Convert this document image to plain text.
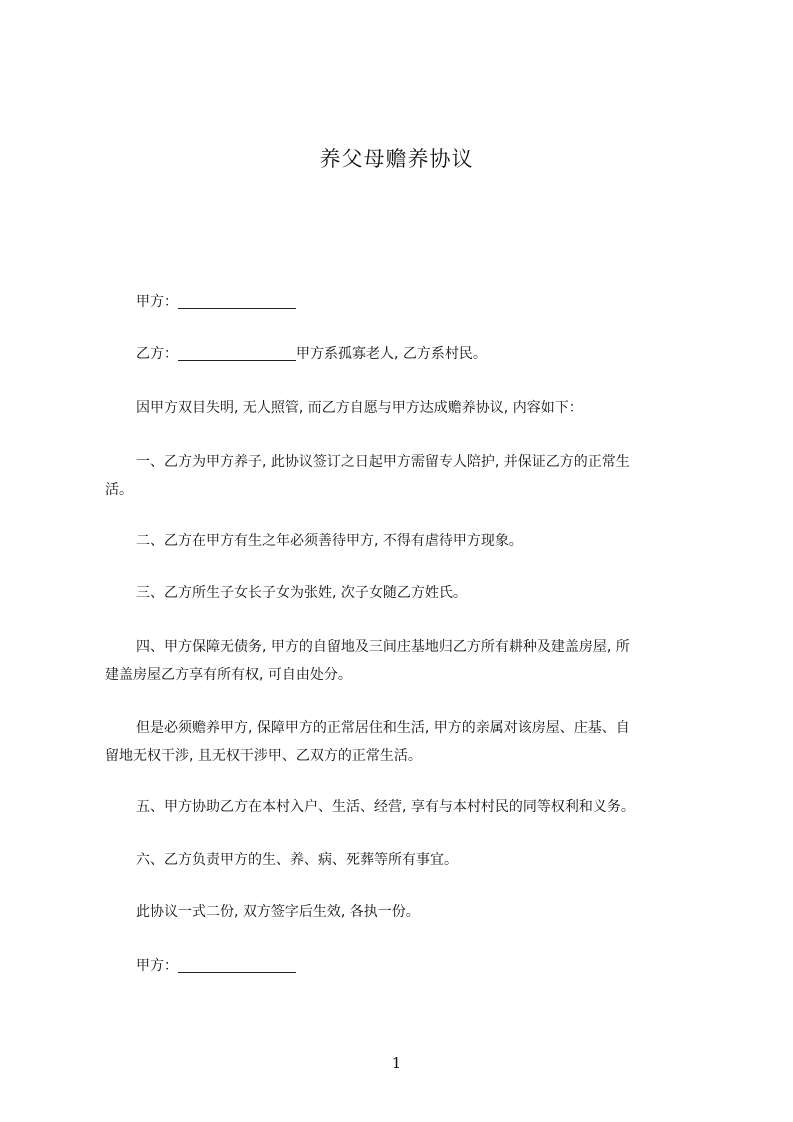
养父母赡养协议
甲方：
乙方：	甲方系孤寡老人, 乙方系村民。
因甲方双目失明, 无人照管, 而乙方自愿与甲方达成赡养协议, 内容如下：
一、乙方为甲方养子, 此协议签订之日起甲方需留专人陪护, 并保证乙方的正常生
活。
二、乙方在甲方有生之年必须善待甲方, 不得有虐待甲方现象。
三、乙方所生子女长子女为张姓, 次子女随乙方姓氏。
四、甲方保障无债务, 甲方的自留地及三间庄基地归乙方所有耕种及建盖房屋, 所
建盖房屋乙方享有所有权, 可自由处分。
但是必须赡养甲方, 保障甲方的正常居住和生活, 甲方的亲属对该房屋、庄基、自
留地无权干涉, 且无权干涉甲、乙双方的正常生活。
五、甲方协助乙方在本村入户、生活、经营, 享有与本村村民的同等权利和义务。
六、乙方负责甲方的生、养、病、死葬等所有事宜。
此协议一式二份, 双方签字后生效, 各执一份。
甲方：
1
